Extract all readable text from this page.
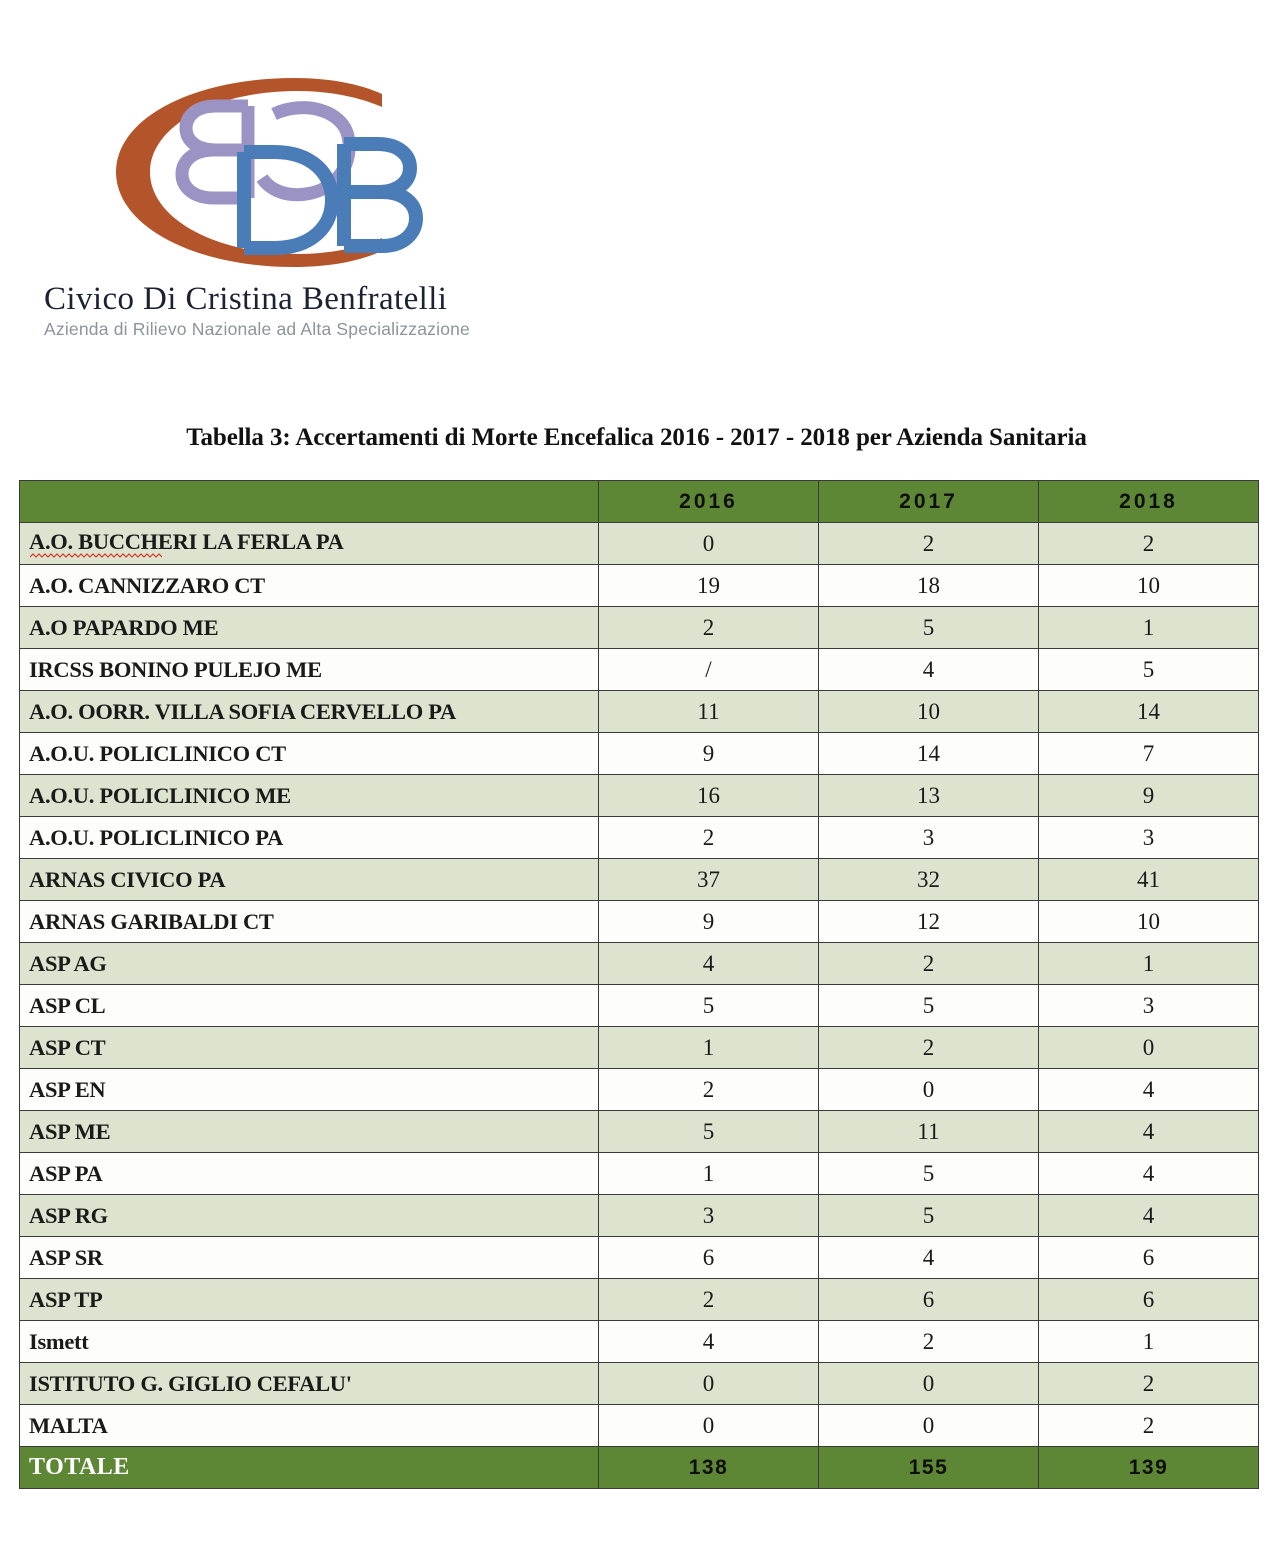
Civico Di Cristina Benfratelli
Azienda di Rilievo Nazionale ad Alta Specializzazione
Tabella 3: Accertamenti di Morte Encefalica 2016 - 2017 - 2018 per Azienda Sanitaria
	2016	2017	2018
A.O. BUCCHERI LA FERLA PA	0	2	2
A.O. CANNIZZARO CT	19	18	10
A.O PAPARDO ME	2	5	1
IRCSS BONINO PULEJO ME	/	4	5
A.O. OORR. VILLA SOFIA CERVELLO PA	11	10	14
A.O.U. POLICLINICO CT	9	14	7
A.O.U. POLICLINICO ME	16	13	9
A.O.U. POLICLINICO PA	2	3	3
ARNAS CIVICO PA	37	32	41
ARNAS GARIBALDI CT	9	12	10
ASP AG	4	2	1
ASP CL	5	5	3
ASP CT	1	2	0
ASP EN	2	0	4
ASP ME	5	11	4
ASP PA	1	5	4
ASP RG	3	5	4
ASP SR	6	4	6
ASP TP	2	6	6
Ismett	4	2	1
ISTITUTO G. GIGLIO CEFALU'	0	0	2
MALTA	0	0	2
TOTALE	138	155	139
